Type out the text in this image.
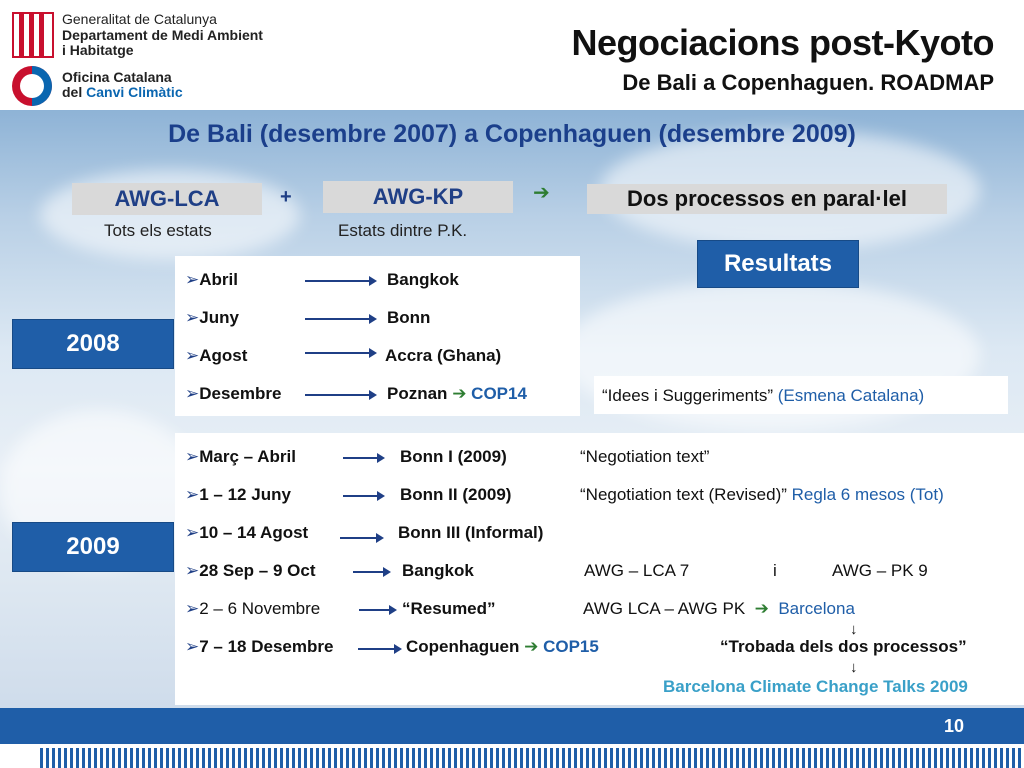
Generalitat de Catalunya
Departament de Medi Ambient
i Habitatge
Oficina Catalana
del Canvi Climàtic
Negociacions post-Kyoto
De Bali a Copenhaguen. ROADMAP
De Bali (desembre 2007) a Copenhaguen (desembre 2009)
AWG-LCA
Tots els estats
+	AWG-KP
Estats dintre P.K.
➔	Dos processos en paral·lel
Resultats
2008
➢Abril	Bangkok
➢Juny	Bonn
➢Agost	Accra (Ghana)
➢Desembre	Poznan ➔ COP14	“Idees i Suggeriments” (Esmena Catalana)
2009
➢Març – Abril	Bonn I (2009)	“Negotiation text”
➢1 – 12 Juny	Bonn II (2009)	“Negotiation text (Revised)” Regla 6 mesos (Tot)
➢10 – 14 Agost	Bonn III (Informal)
➢28 Sep – 9 Oct	Bangkok	AWG – LCA 7	i	AWG – PK 9
➢2 – 6 Novembre	“Resumed”	AWG LCA – AWG PK ➔ Barcelona
↓
➢7 – 18 Desembre	Copenhaguen ➔ COP15	“Trobada dels dos processos”
↓
Barcelona Climate Change Talks 2009
10
